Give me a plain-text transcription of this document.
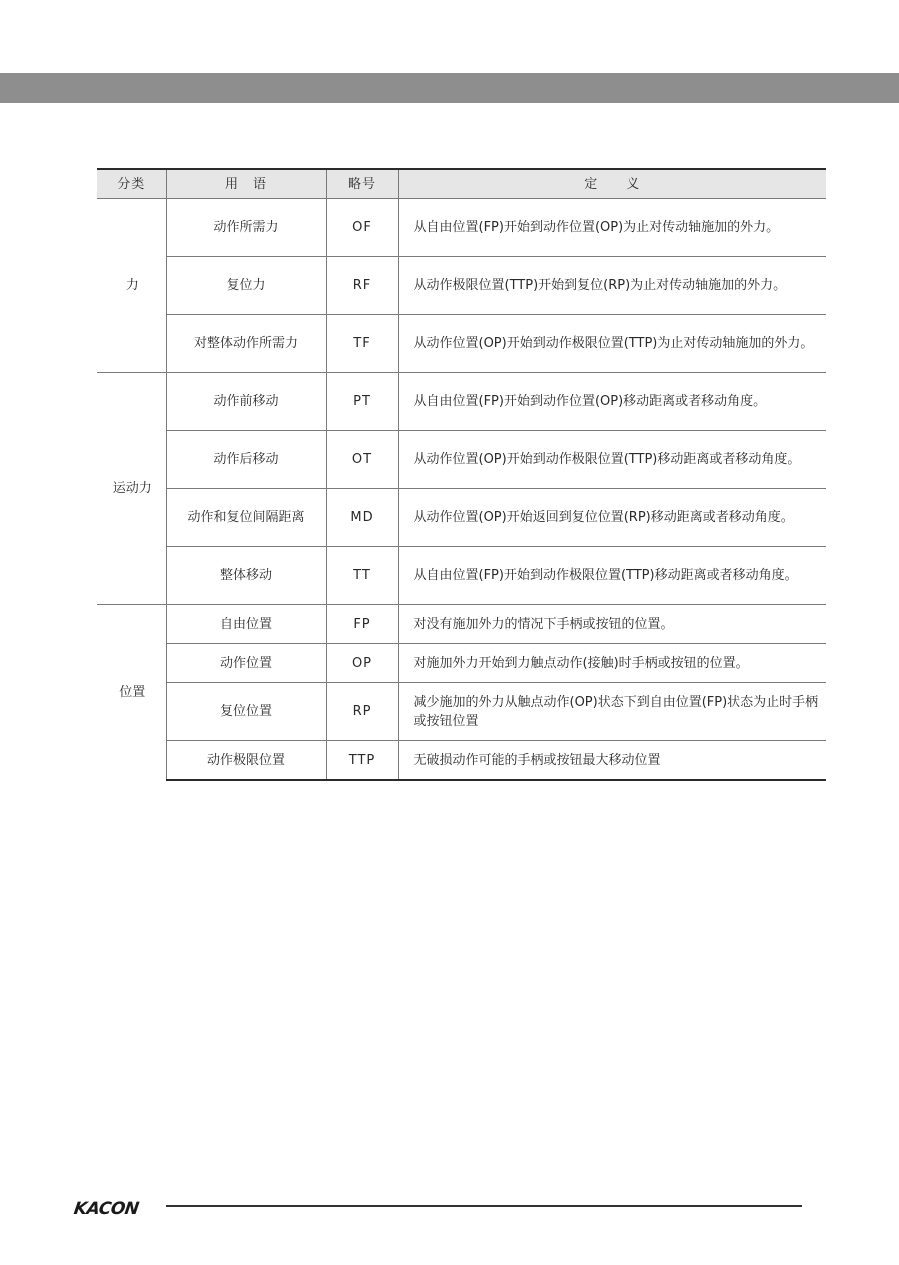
分类	用　语	略号	定　　义
力	动作所需力	OF	从自由位置(FP)开始到动作位置(OP)为止对传动轴施加的外力。
	复位力	RF	从动作极限位置(TTP)开始到复位(RP)为止对传动轴施加的外力。
	对整体动作所需力	TF	从动作位置(OP)开始到动作极限位置(TTP)为止对传动轴施加的外力。
运动力	动作前移动	PT	从自由位置(FP)开始到动作位置(OP)移动距离或者移动角度。
	动作后移动	OT	从动作位置(OP)开始到动作极限位置(TTP)移动距离或者移动角度。
	动作和复位间隔距离	MD	从动作位置(OP)开始返回到复位位置(RP)移动距离或者移动角度。
	整体移动	TT	从自由位置(FP)开始到动作极限位置(TTP)移动距离或者移动角度。
位置	自由位置	FP	对没有施加外力的情况下手柄或按钮的位置。
	动作位置	OP	对施加外力开始到力触点动作(接触)时手柄或按钮的位置。
	复位位置	RP	减少施加的外力从触点动作(OP)状态下到自由位置(FP)状态为止时手柄或按钮位置
	动作极限位置	TTP	无破损动作可能的手柄或按钮最大移动位置
KACON
